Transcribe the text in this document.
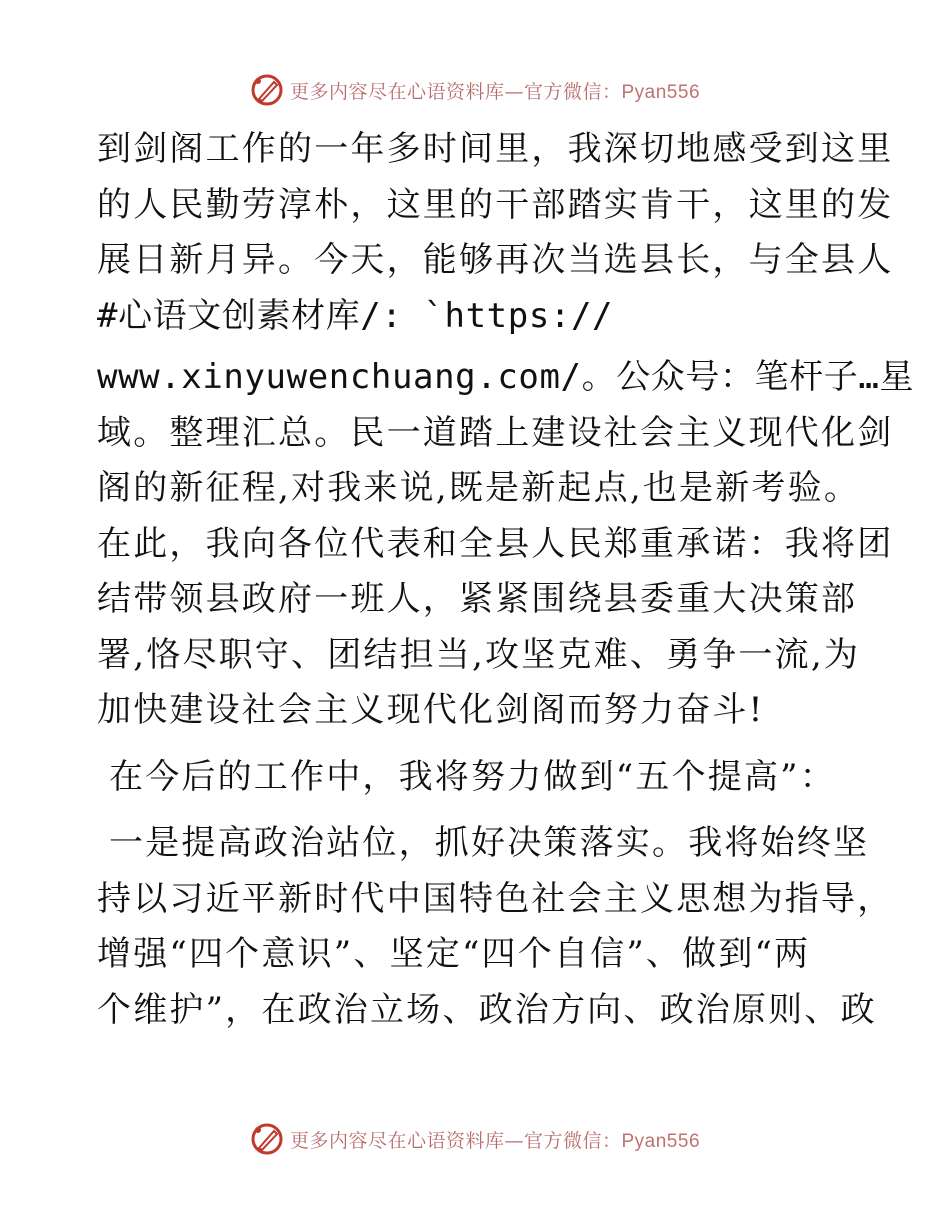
更多内容尽在心语资料库—官方微信：Pyan556
到剑阁工作的一年多时间里，我深切地感受到这里
的人民勤劳淳朴，这里的干部踏实肯干，这里的发
展日新月异。今天，能够再次当选县长，与全县人
#心语文创素材库/: `https://
www.xinyuwenchuang.com/。公众号：笔杆子…星
域。整理汇总。民一道踏上建设社会主义现代化剑
阁的新征程,对我来说,既是新起点,也是新考验。
在此，我向各位代表和全县人民郑重承诺：我将团
结带领县政府一班人，紧紧围绕县委重大决策部
署,恪尽职守、团结担当,攻坚克难、勇争一流,为
加快建设社会主义现代化剑阁而努力奋斗!
在今后的工作中，我将努力做到“五个提高”：
一是提高政治站位，抓好决策落实。我将始终坚
持以习近平新时代中国特色社会主义思想为指导，
增强“四个意识”、坚定“四个自信”、做到“两
个维护”，在政治立场、政治方向、政治原则、政
更多内容尽在心语资料库—官方微信：Pyan556
